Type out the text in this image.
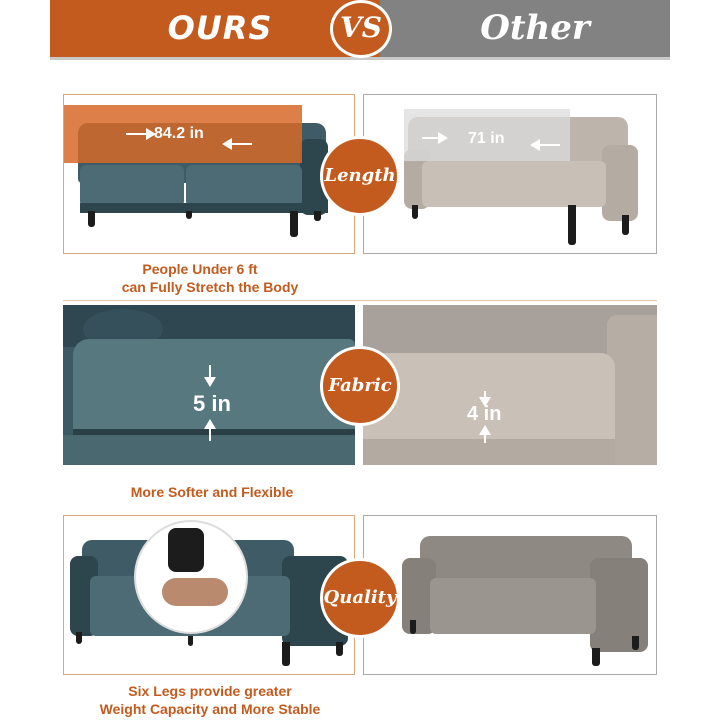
OURS	Other
VS
84.2 in	71 in
Length
People Under 6 ft
can Fully Stretch the Body
5 in	4 in
Fabric
More Softer and Flexible
Quality
Six Legs provide greater
Weight Capacity and More Stable
